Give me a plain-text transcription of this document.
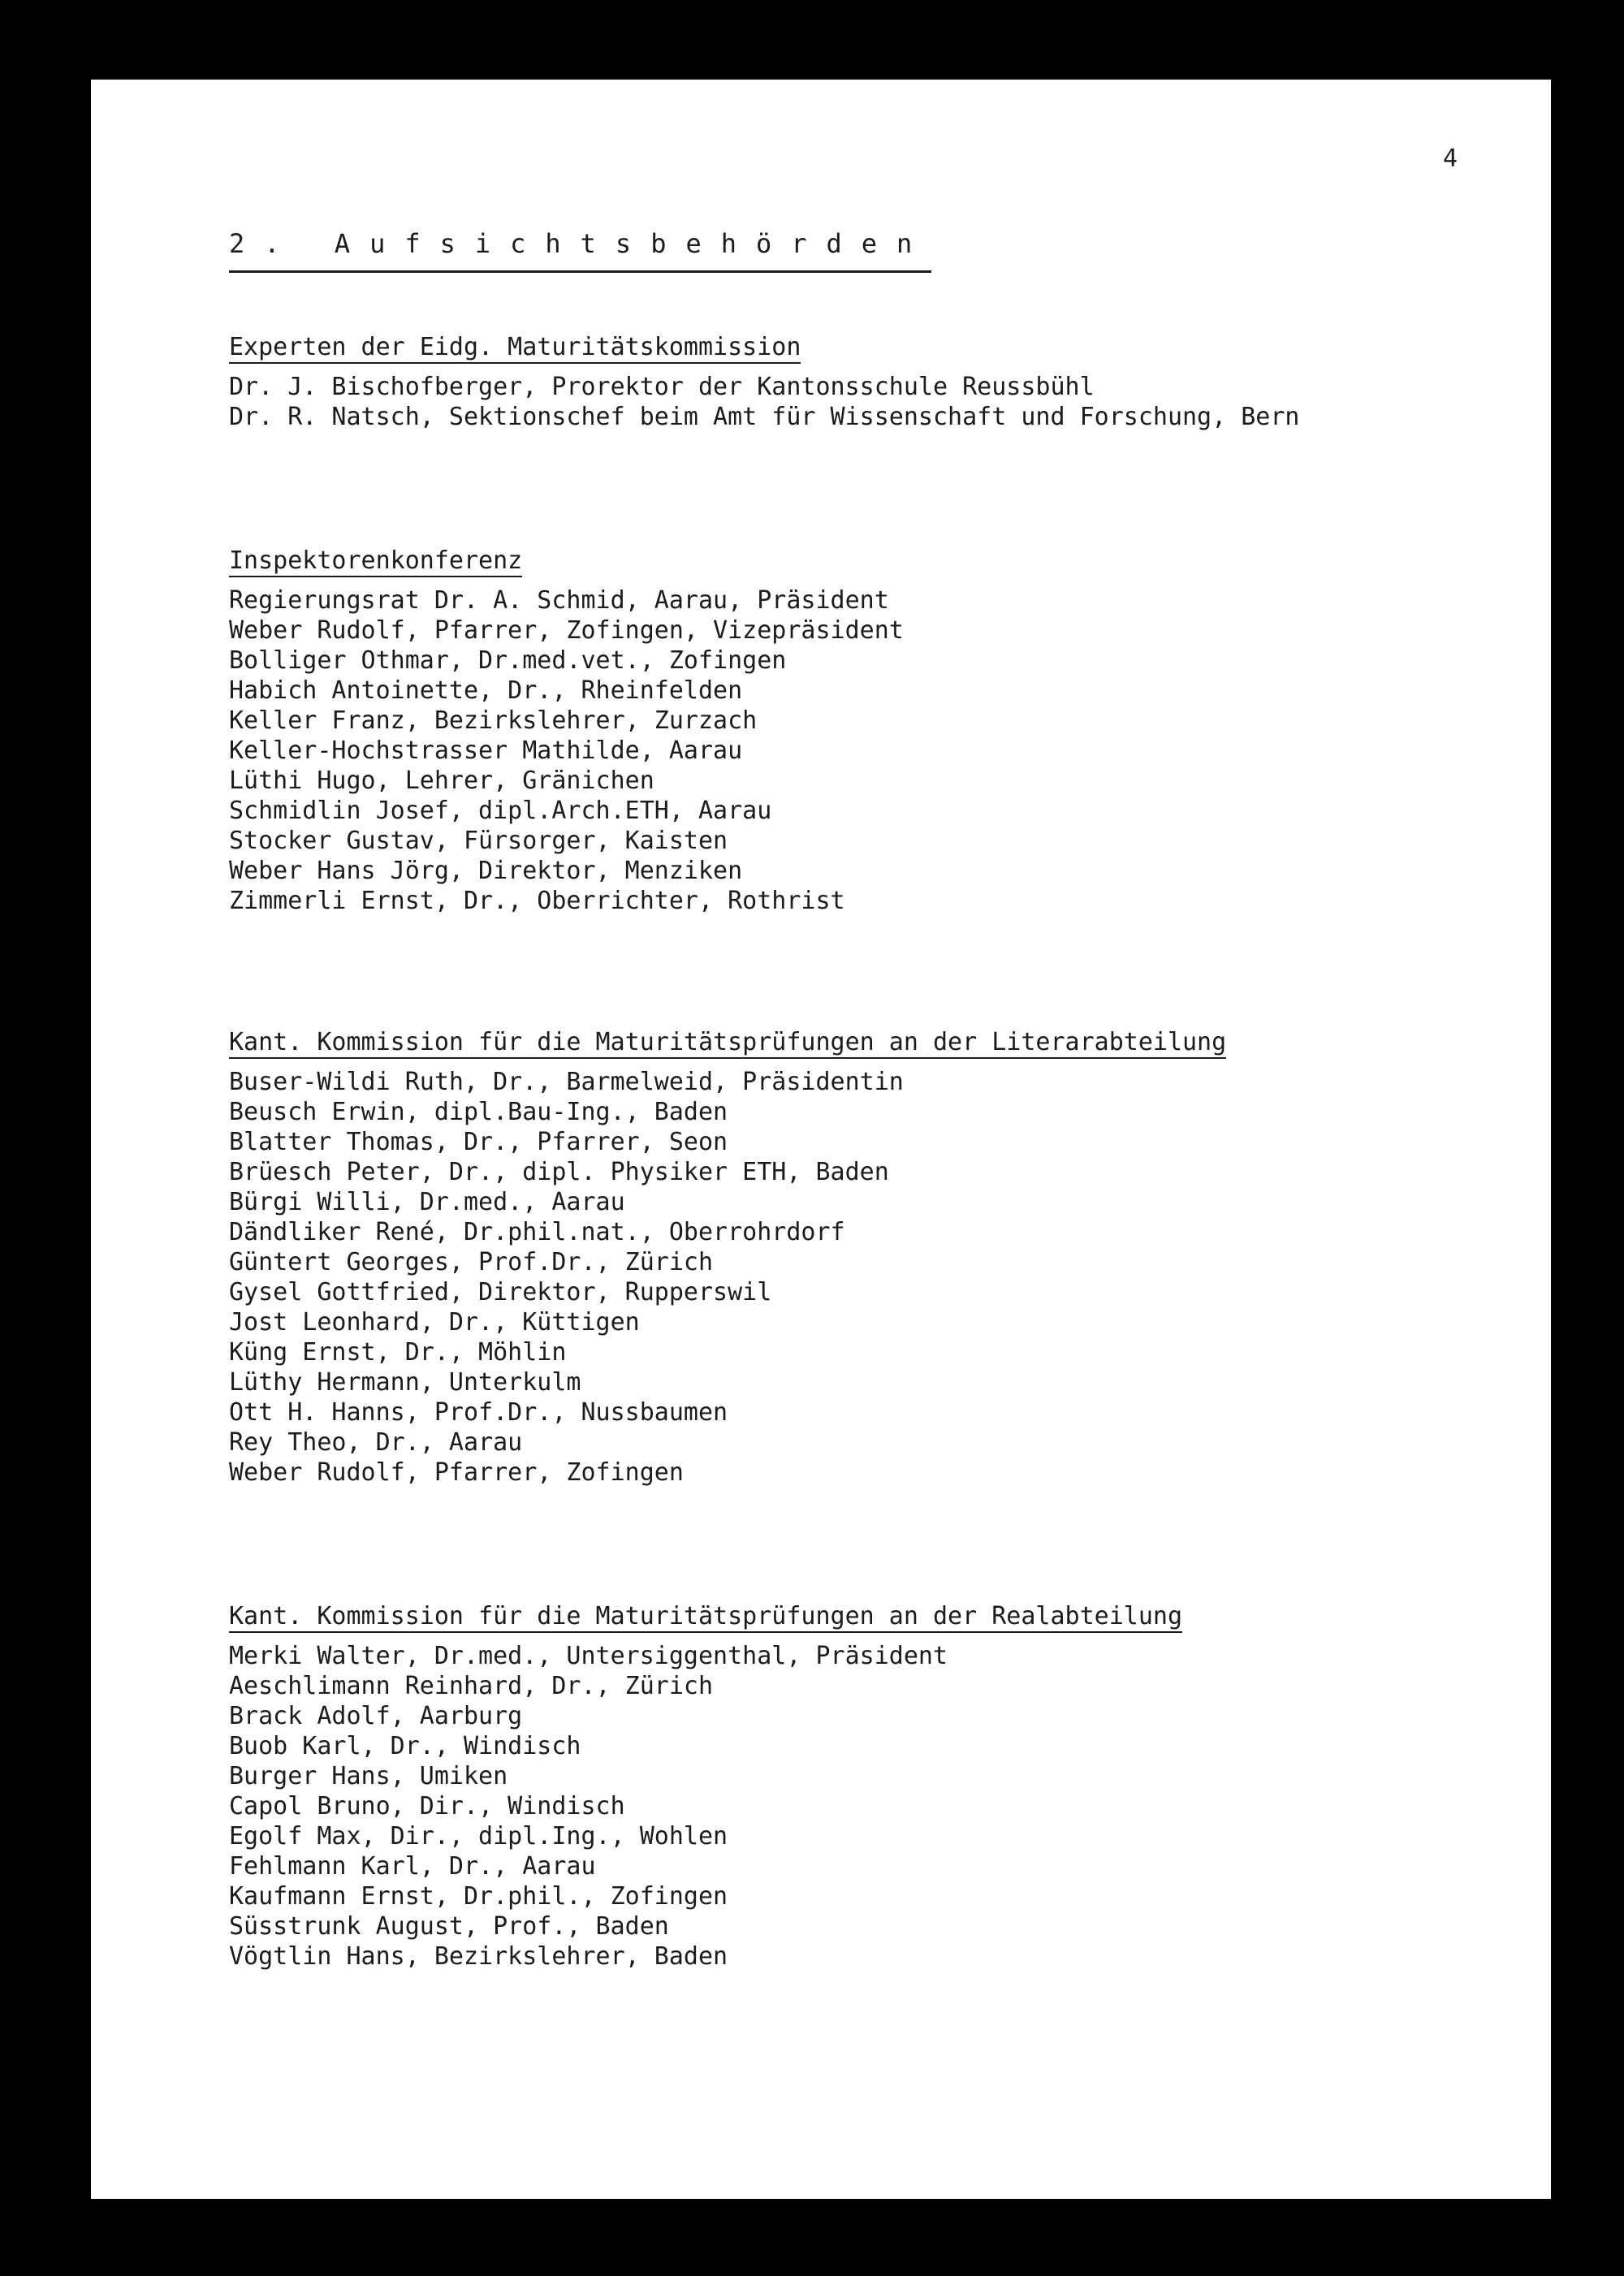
4

2. Aufsichtsbehörden
Experten der Eidg. Maturitätskommission
Dr. J. Bischofberger, Prorektor der Kantonsschule Reussbühl
Dr. R. Natsch, Sektionschef beim Amt für Wissenschaft und Forschung, Bern
Inspektorenkonferenz
Regierungsrat Dr. A. Schmid, Aarau, Präsident
Weber Rudolf, Pfarrer, Zofingen, Vizepräsident
Bolliger Othmar, Dr.med.vet., Zofingen
Habich Antoinette, Dr., Rheinfelden
Keller Franz, Bezirkslehrer, Zurzach
Keller-Hochstrasser Mathilde, Aarau
Lüthi Hugo, Lehrer, Gränichen
Schmidlin Josef, dipl.Arch.ETH, Aarau
Stocker Gustav, Fürsorger, Kaisten
Weber Hans Jörg, Direktor, Menziken
Zimmerli Ernst, Dr., Oberrichter, Rothrist
Kant. Kommission für die Maturitätsprüfungen an der Literarabteilung
Buser-Wildi Ruth, Dr., Barmelweid, Präsidentin
Beusch Erwin, dipl.Bau-Ing., Baden
Blatter Thomas, Dr., Pfarrer, Seon
Brüesch Peter, Dr., dipl. Physiker ETH, Baden
Bürgi Willi, Dr.med., Aarau
Dändliker René, Dr.phil.nat., Oberrohrdorf
Güntert Georges, Prof.Dr., Zürich
Gysel Gottfried, Direktor, Rupperswil
Jost Leonhard, Dr., Küttigen
Küng Ernst, Dr., Möhlin
Lüthy Hermann, Unterkulm
Ott H. Hanns, Prof.Dr., Nussbaumen
Rey Theo, Dr., Aarau
Weber Rudolf, Pfarrer, Zofingen
Kant. Kommission für die Maturitätsprüfungen an der Realabteilung
Merki Walter, Dr.med., Untersiggenthal, Präsident
Aeschlimann Reinhard, Dr., Zürich
Brack Adolf, Aarburg
Buob Karl, Dr., Windisch
Burger Hans, Umiken
Capol Bruno, Dir., Windisch
Egolf Max, Dir., dipl.Ing., Wohlen
Fehlmann Karl, Dr., Aarau
Kaufmann Ernst, Dr.phil., Zofingen
Süsstrunk August, Prof., Baden
Vögtlin Hans, Bezirkslehrer, Baden
